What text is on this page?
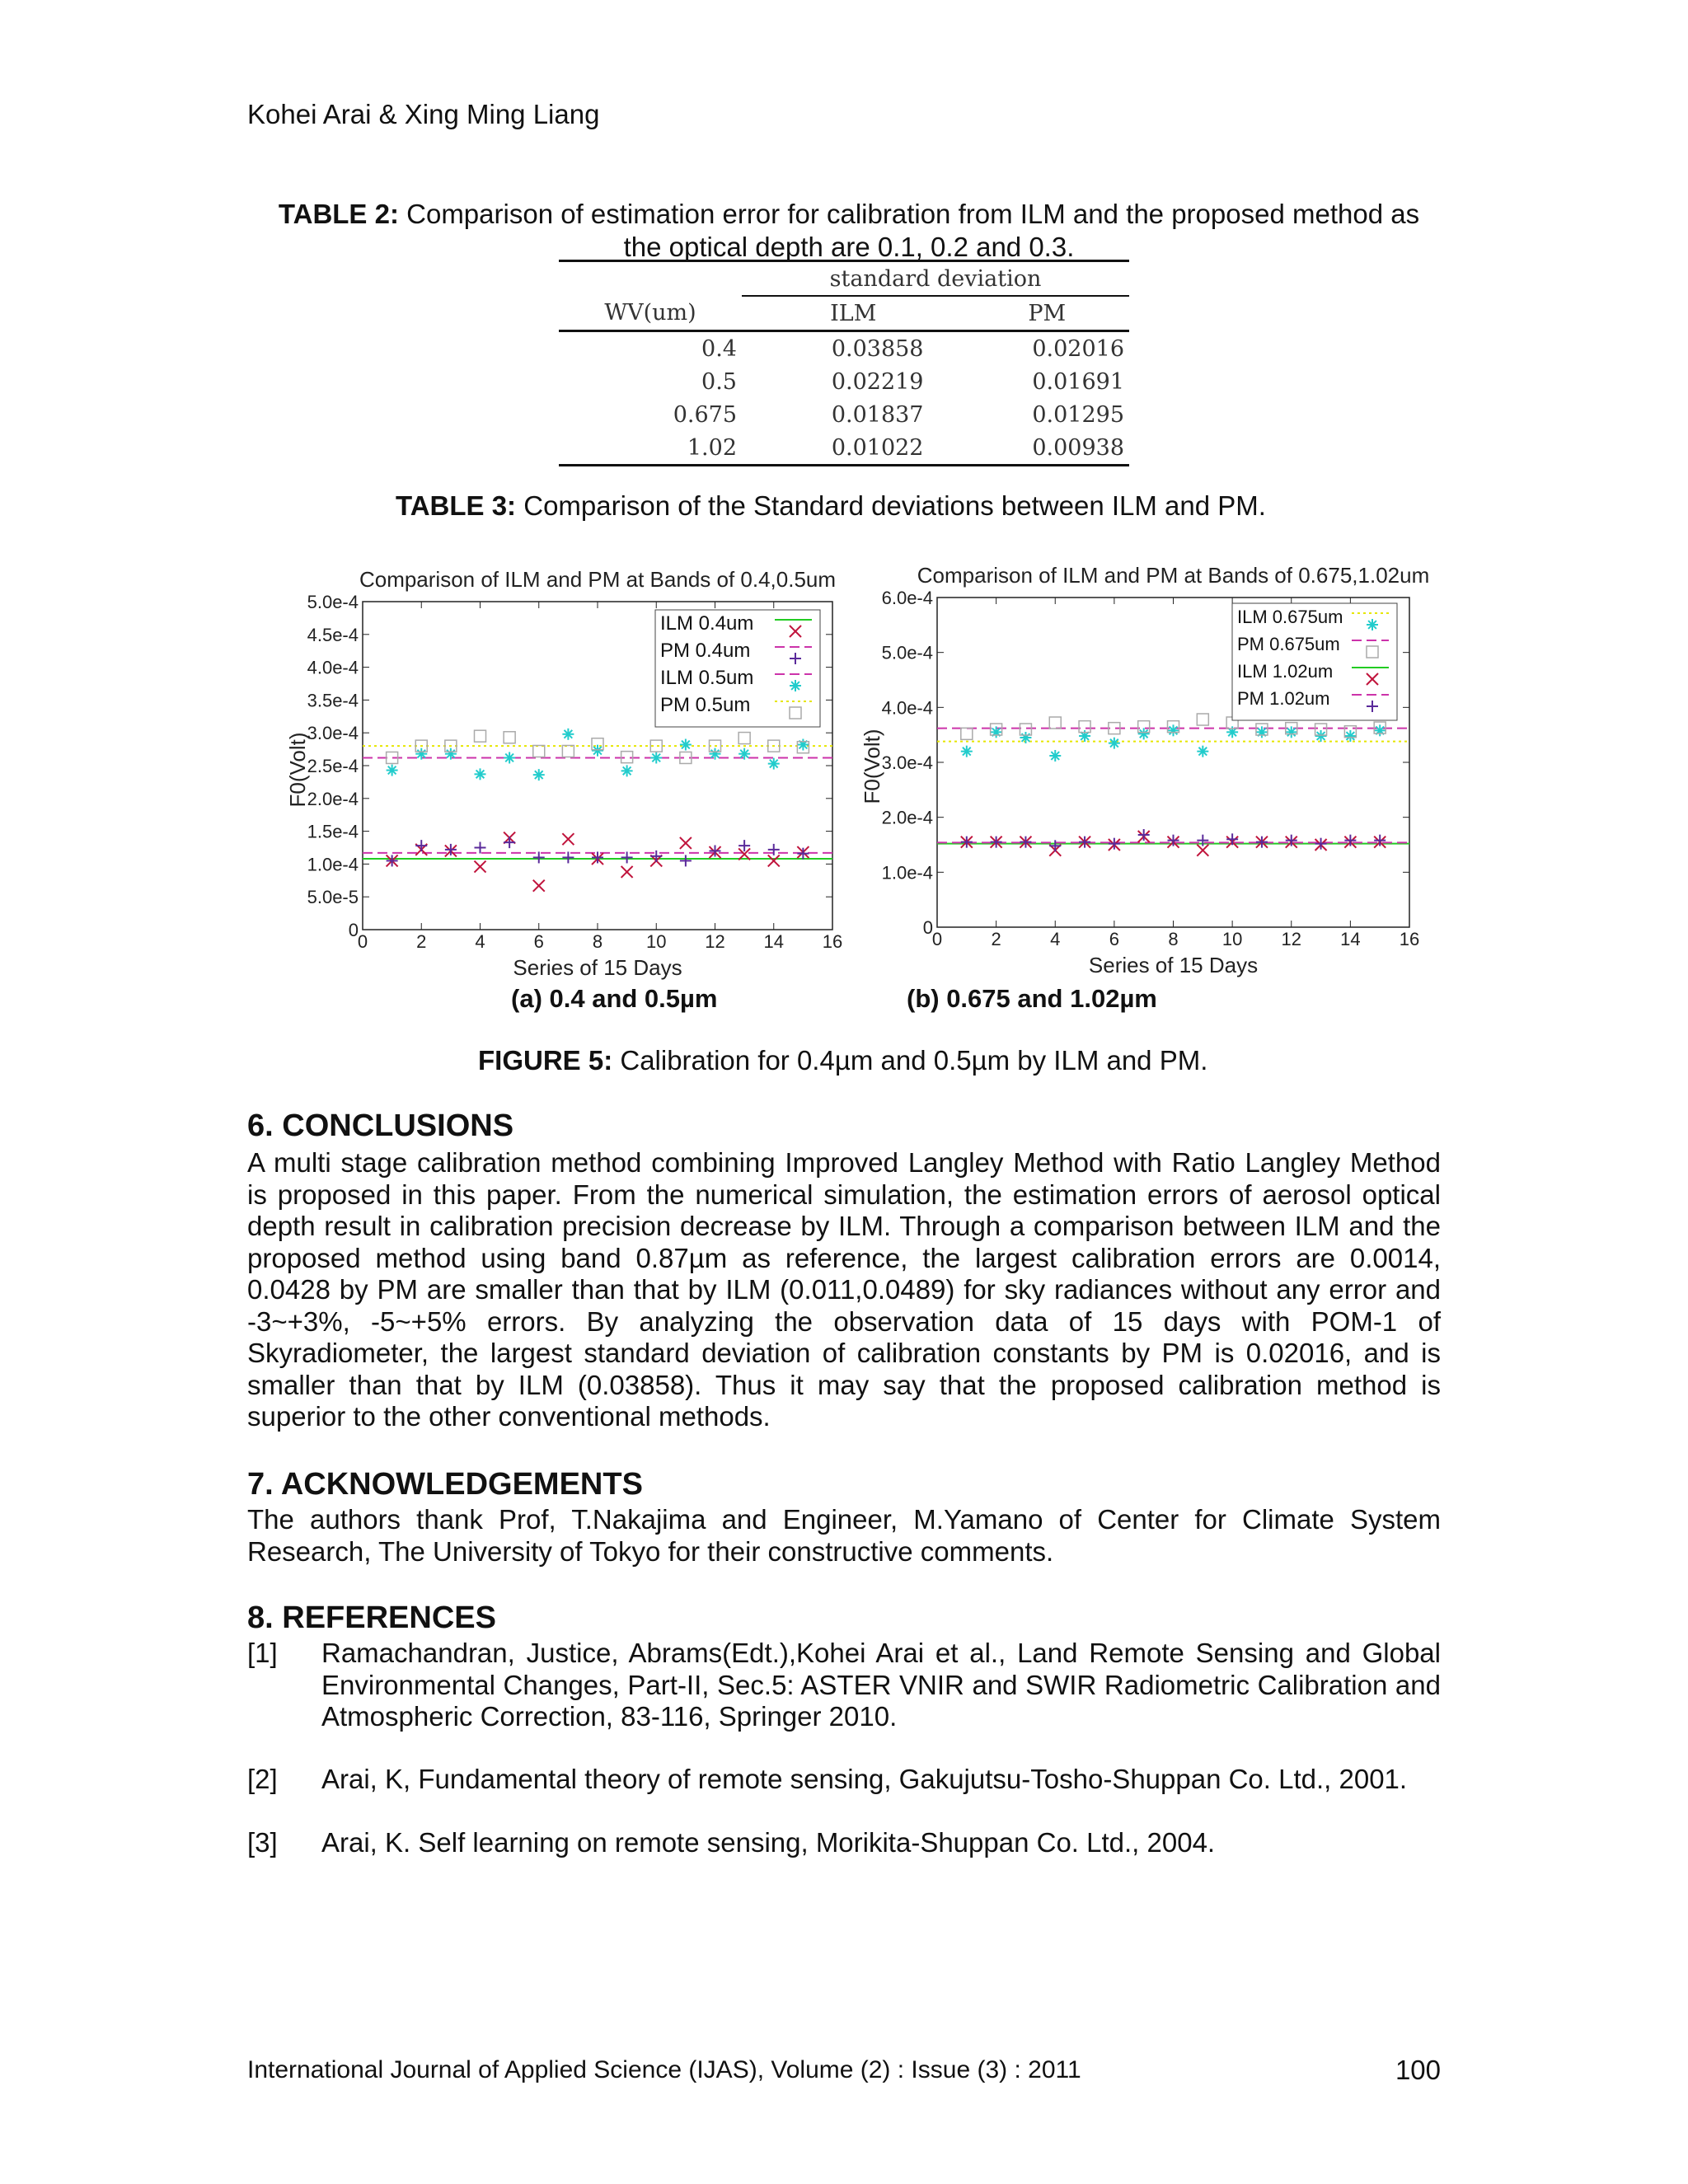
Kohei Arai & Xing Ming Liang
TABLE 2: Comparison of estimation error for calibration from ILM and the proposed method as
the optical depth are 0.1, 0.2 and 0.3.
	standard deviation	
WV(um)	ILM	PM
0.4	0.03858	0.02016
0.5	0.02219	0.01691
0.675	0.01837	0.01295
1.02	0.01022	0.00938
TABLE 3: Comparison of the Standard deviations between ILM and PM.
Comparison of ILM and PM at Bands of 0.4,0.5um
0
5.0e-5
1.0e-4
1.5e-4
2.0e-4
2.5e-4
3.0e-4
3.5e-4
4.0e-4
4.5e-4
5.0e-4
0	2	4	6	8 10 12 14 16
Series of 15 Days
F0(Volt)
ILM 0.4um
PM 0.4um
ILM 0.5um
PM 0.5um
(a) 0.4 and 0.5µm
Comparison of ILM and PM at Bands of 0.675,1.02um
0
1.0e-4
2.0e-4
3.0e-4
4.0e-4
5.0e-4
6.0e-4
0	2	4	6	8 10 12 14 16
Series of 15 Days
F0(Volt)
ILM 0.675um
PM 0.675um
ILM 1.02um
PM 1.02um
(b) 0.675 and 1.02µm
FIGURE 5: Calibration for 0.4µm and 0.5µm by ILM and PM.
6. CONCLUSIONS
A multi stage calibration method combining Improved Langley Method with Ratio Langley Method is proposed in this paper. From the numerical simulation, the estimation errors of aerosol optical depth result in calibration precision decrease by ILM. Through a comparison between ILM and the proposed method using band 0.87µm as reference, the largest calibration errors are 0.0014, 0.0428 by PM are smaller than that by ILM (0.011,0.0489) for sky radiances without any error and -3~+3%, -5~+5% errors. By analyzing the observation data of 15 days with POM-1 of Skyradiometer, the largest standard deviation of calibration constants by PM is 0.02016, and is smaller than that by ILM (0.03858). Thus it may say that the proposed calibration method is superior to the other conventional methods.
7. ACKNOWLEDGEMENTS
The authors thank Prof, T.Nakajima and Engineer, M.Yamano of Center for Climate System Research, The University of Tokyo for their constructive comments.
8. REFERENCES
[1] Ramachandran, Justice, Abrams(Edt.),Kohei Arai et al., Land Remote Sensing and Global Environmental Changes, Part-II, Sec.5: ASTER VNIR and SWIR Radiometric Calibration and Atmospheric Correction, 83-116, Springer 2010.
[2] Arai, K, Fundamental theory of remote sensing, Gakujutsu-Tosho-Shuppan Co. Ltd., 2001.
[3] Arai, K. Self learning on remote sensing, Morikita-Shuppan Co. Ltd., 2004.
International Journal of Applied Science (IJAS), Volume (2) : Issue (3) : 2011	100
